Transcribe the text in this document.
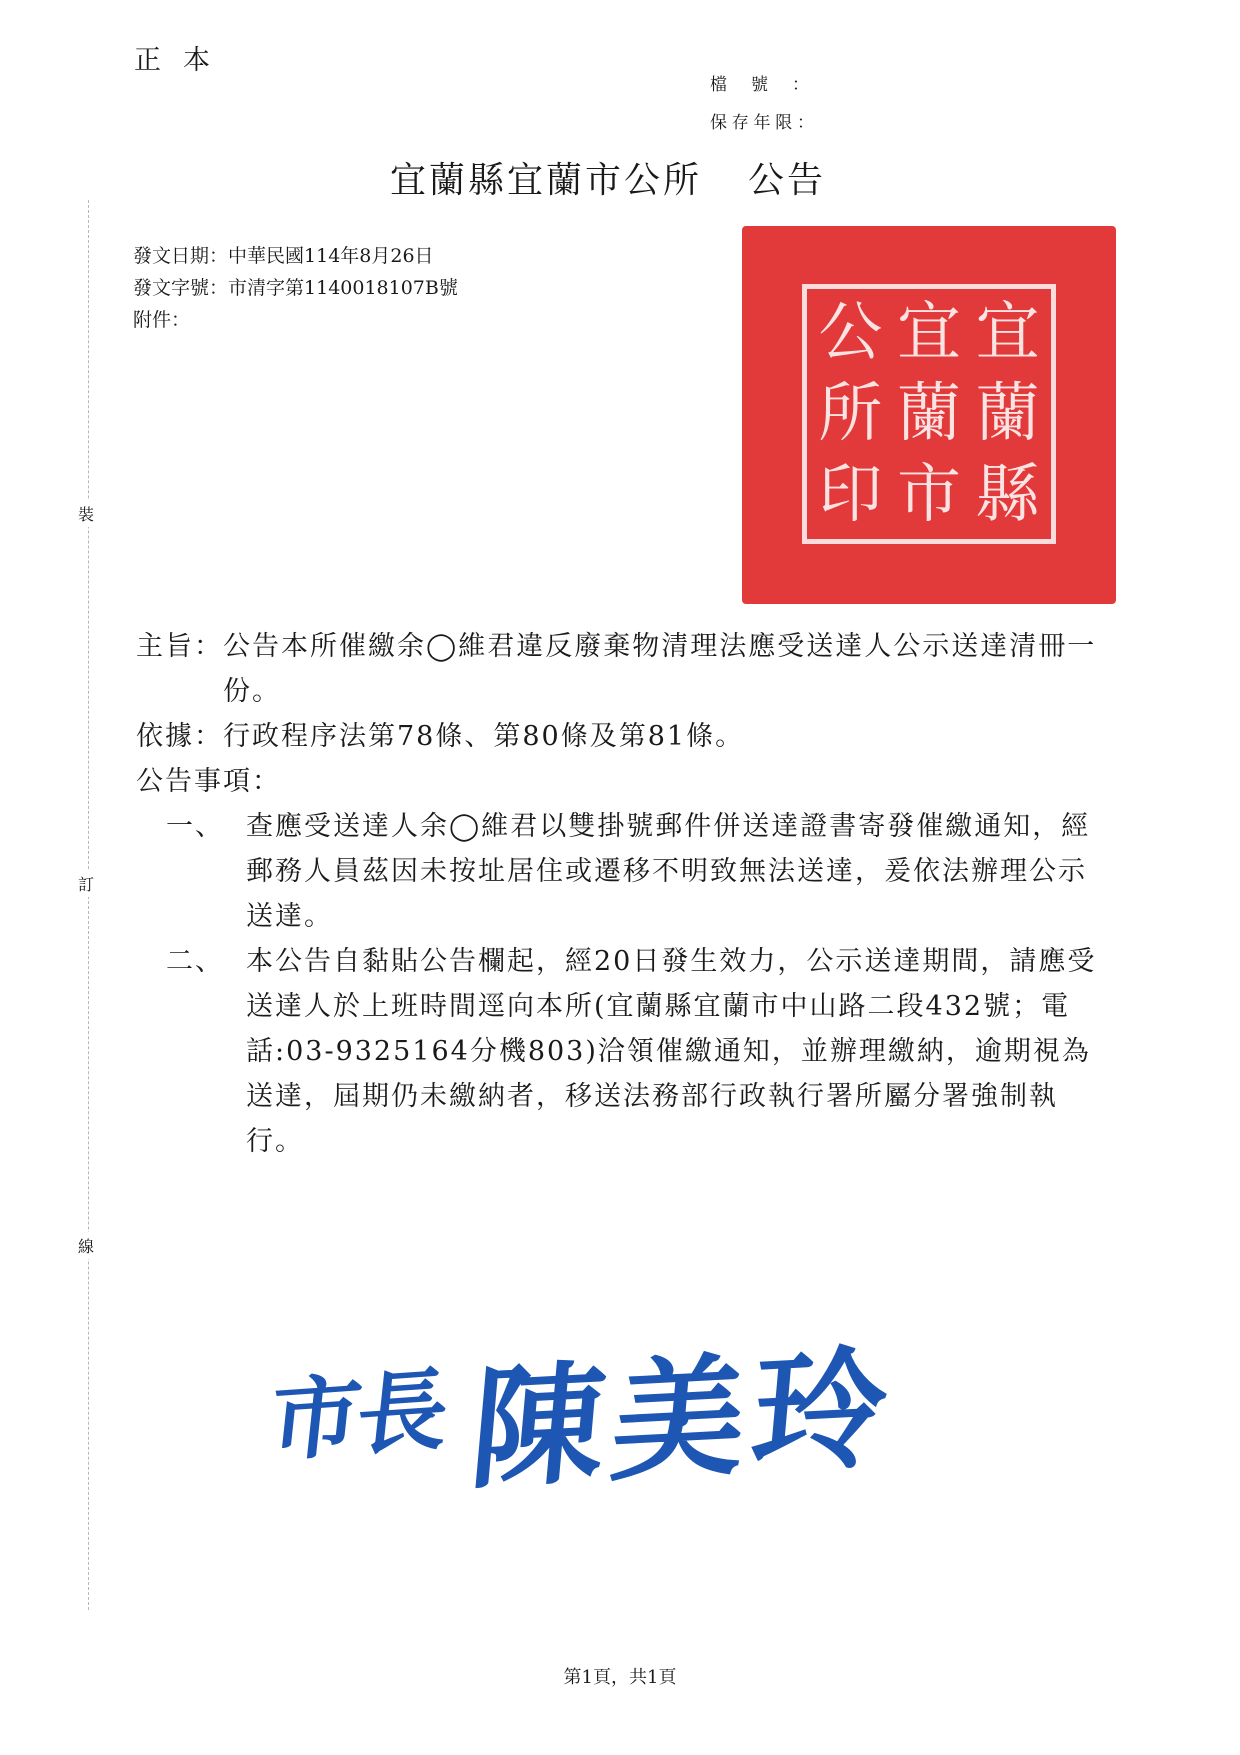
正本
檔號：
保存年限：
宜蘭縣宜蘭市公所 公告
發文日期：中華民國114年8月26日
發文字號：市清字第1140018107B號
附件：	宜
蘭
縣
宜
蘭
市
公
所
印
裝
訂
線
主旨： 公告本所催繳余◯維君違反廢棄物清理法應受送達人公示送達清冊一份。
依據： 行政程序法第78條、第80條及第81條。
公告事項：
一、 查應受送達人余◯維君以雙掛號郵件併送達證書寄發催繳通知，經郵務人員茲因未按址居住或遷移不明致無法送達，爰依法辦理公示送達。
二、 本公告自黏貼公告欄起，經20日發生效力，公示送達期間，請應受送達人於上班時間逕向本所(宜蘭縣宜蘭市中山路二段432號；電話:03-9325164分機803)洽領催繳通知，並辦理繳納，逾期視為送達，屆期仍未繳納者，移送法務部行政執行署所屬分署強制執行。
市長 陳美玲
第1頁，共1頁
